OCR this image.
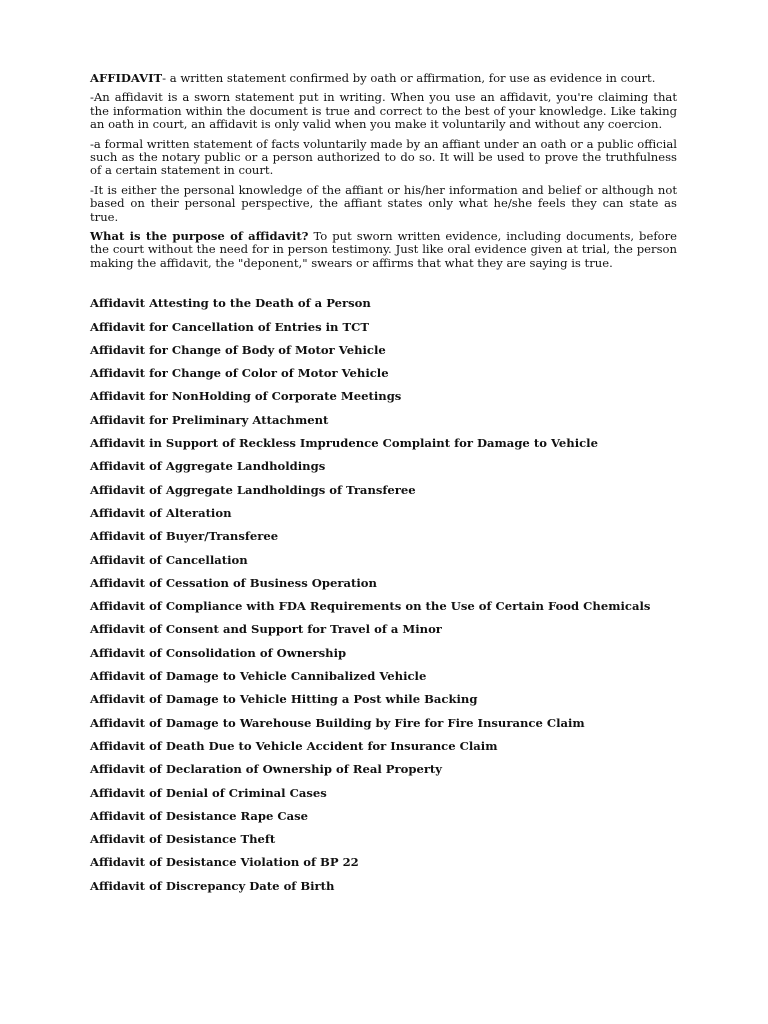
AFFIDAVIT- a written statement confirmed by oath or affirmation, for use as evidence in court.

-An affidavit is a sworn statement put in writing. When you use an affidavit, you're claiming that the information within the document is true and correct to the best of your knowledge. Like taking an oath in court, an affidavit is only valid when you make it voluntarily and without any coercion.

-a formal written statement of facts voluntarily made by an affiant under an oath or a public official such as the notary public or a person authorized to do so. It will be used to prove the truthfulness of a certain statement in court.

-It is either the personal knowledge of the affiant or his/her information and belief or although not based on their personal perspective, the affiant states only what he/she feels they can state as true.

What is the purpose of affidavit? To put sworn written evidence, including documents, before the court without the need for in person testimony. Just like oral evidence given at trial, the person making the affidavit, the "deponent," swears or affirms that what they are saying is true.

Affidavit Attesting to the Death of a Person
Affidavit for Cancellation of Entries in TCT
Affidavit for Change of Body of Motor Vehicle
Affidavit for Change of Color of Motor Vehicle
Affidavit for NonHolding of Corporate Meetings
Affidavit for Preliminary Attachment
Affidavit in Support of Reckless Imprudence Complaint for Damage to Vehicle
Affidavit of Aggregate Landholdings
Affidavit of Aggregate Landholdings of Transferee
Affidavit of Alteration
Affidavit of Buyer/Transferee
Affidavit of Cancellation
Affidavit of Cessation of Business Operation
Affidavit of Compliance with FDA Requirements on the Use of Certain Food Chemicals
Affidavit of Consent and Support for Travel of a Minor
Affidavit of Consolidation of Ownership
Affidavit of Damage to Vehicle Cannibalized Vehicle
Affidavit of Damage to Vehicle Hitting a Post while Backing
Affidavit of Damage to Warehouse Building by Fire for Fire Insurance Claim
Affidavit of Death Due to Vehicle Accident for Insurance Claim
Affidavit of Declaration of Ownership of Real Property
Affidavit of Denial of Criminal Cases
Affidavit of Desistance Rape Case
Affidavit of Desistance Theft
Affidavit of Desistance Violation of BP 22
Affidavit of Discrepancy Date of Birth
